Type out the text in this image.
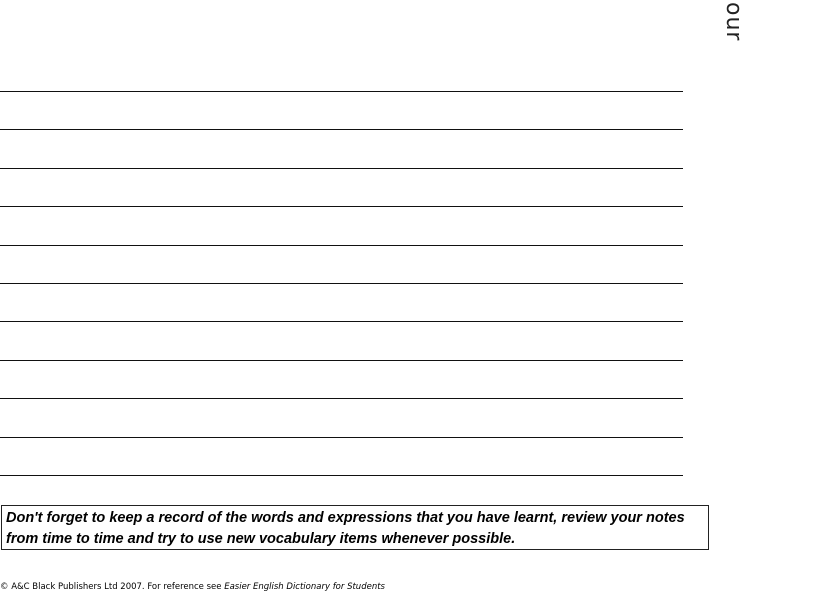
our
Don't forget to keep a record of the words and expressions that you have learnt, review your notes from time to time and try to use new vocabulary items whenever possible.
© A&C Black Publishers Ltd 2007. For reference see Easier English Dictionary for Students
